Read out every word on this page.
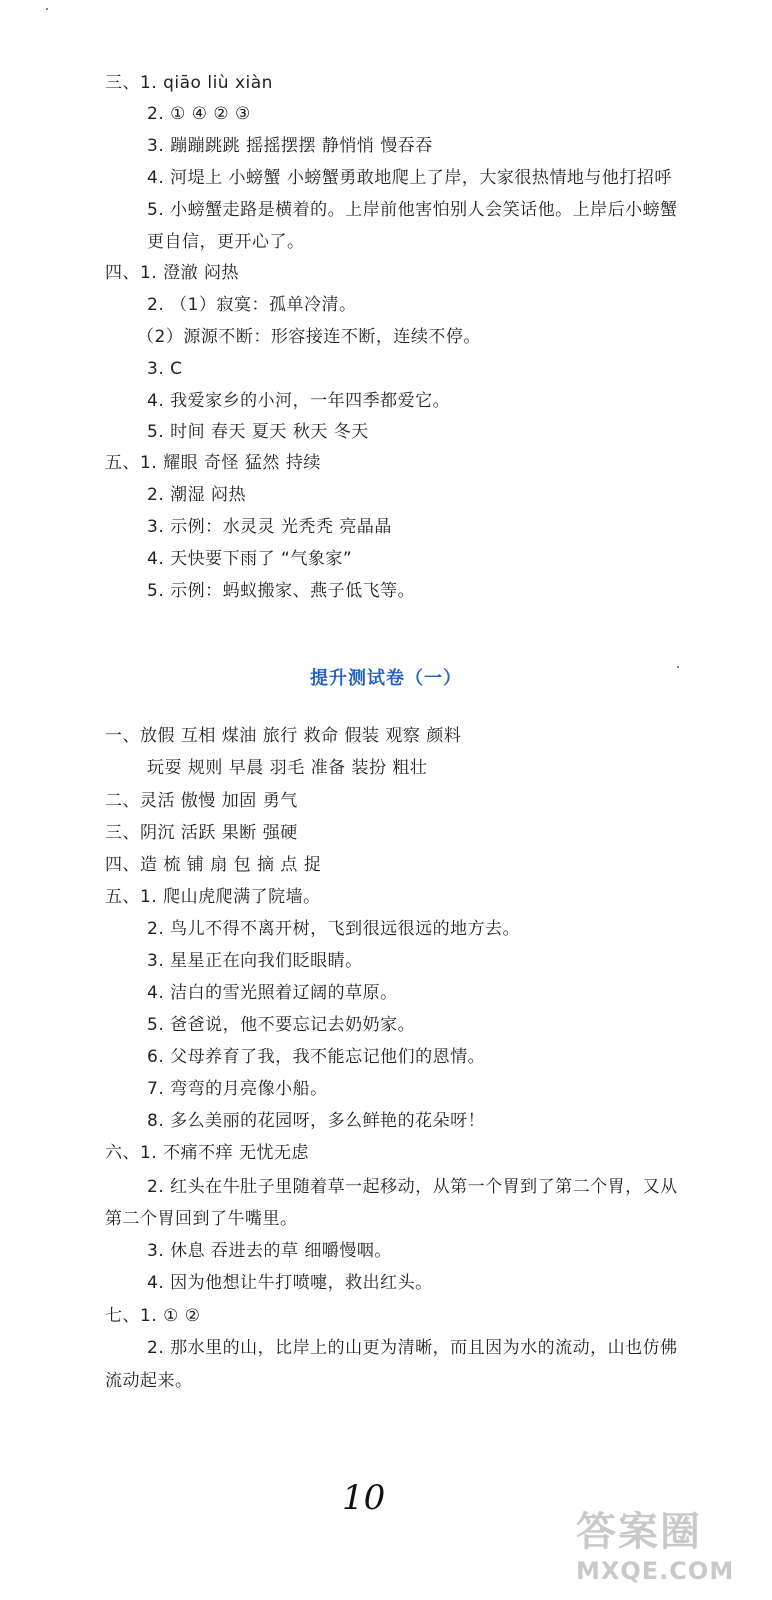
三、1. qiāo liù xiàn
2. ① ④ ② ③
3. 蹦蹦跳跳 摇摇摆摆 静悄悄 慢吞吞
4. 河堤上 小螃蟹 小螃蟹勇敢地爬上了岸，大家很热情地与他打招呼
5. 小螃蟹走路是横着的。上岸前他害怕别人会笑话他。上岸后小螃蟹
更自信，更开心了。
四、1. 澄澈 闷热
2. （1）寂寞：孤单冷清。
（2）源源不断：形容接连不断，连续不停。
3. C
4. 我爱家乡的小河，一年四季都爱它。
5. 时间 春天 夏天 秋天 冬天
五、1. 耀眼 奇怪 猛然 持续
2. 潮湿 闷热
3. 示例：水灵灵 光秃秃 亮晶晶
4. 天快要下雨了 “气象家”
5. 示例：蚂蚁搬家、燕子低飞等。
提升测试卷（一）
一、放假 互相 煤油 旅行 救命 假装 观察 颜料
玩耍 规则 早晨 羽毛 准备 装扮 粗壮
二、灵活 傲慢 加固 勇气
三、阴沉 活跃 果断 强硬
四、造 梳 铺 扇 包 摘 点 捉
五、1. 爬山虎爬满了院墙。
2. 鸟儿不得不离开树，飞到很远很远的地方去。
3. 星星正在向我们眨眼睛。
4. 洁白的雪光照着辽阔的草原。
5. 爸爸说，他不要忘记去奶奶家。
6. 父母养育了我，我不能忘记他们的恩情。
7. 弯弯的月亮像小船。
8. 多么美丽的花园呀，多么鲜艳的花朵呀！
六、1. 不痛不痒 无忧无虑
2. 红头在牛肚子里随着草一起移动，从第一个胃到了第二个胃，又从
第二个胃回到了牛嘴里。
3. 休息 吞进去的草 细嚼慢咽。
4. 因为他想让牛打喷嚏，救出红头。
七、1. ① ②
2. 那水里的山，比岸上的山更为清晰，而且因为水的流动，山也仿佛
流动起来。
10
答案圈
MXQE.COM
